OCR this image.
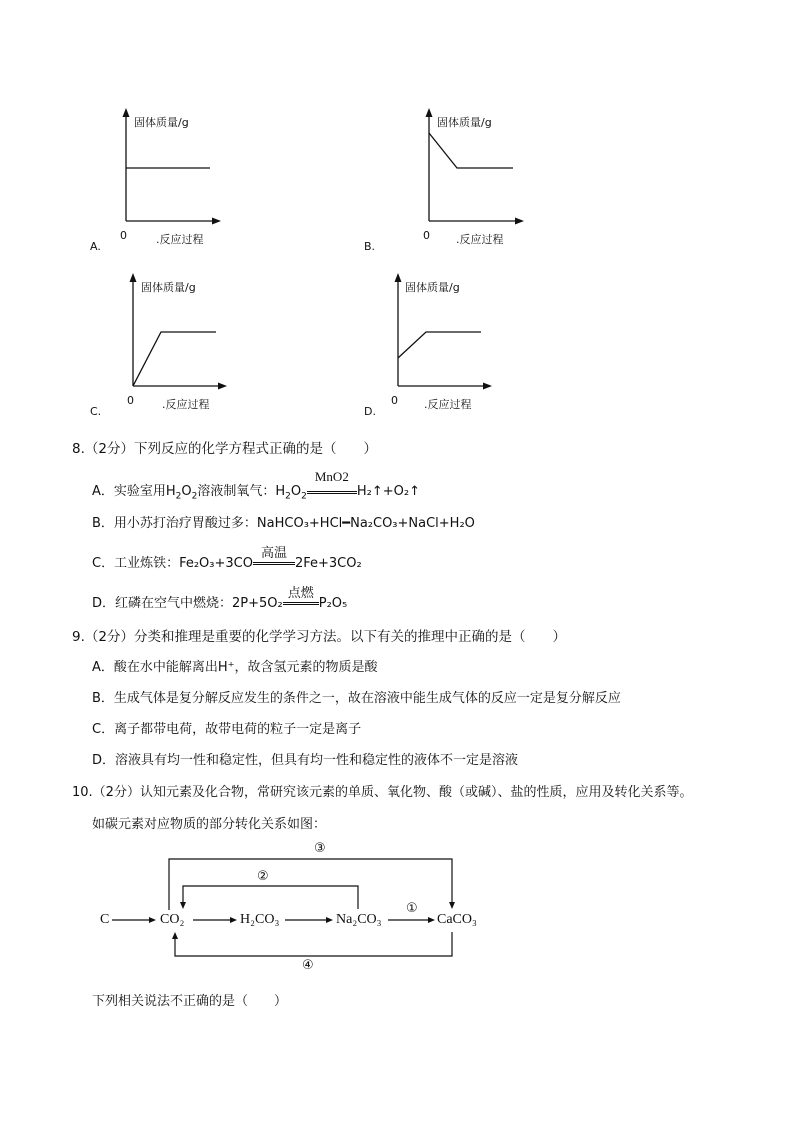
固体质量/g
0	.反应过程
A.
固体质量/g
0 .反应过程
B.
固体质量/g
0	.反应过程
C.
固体质量/g
0 .反应过程
D.
8.（2分）下列反应的化学方程式正确的是（　　）
A．实验室用$H_2O_2$溶液制氧气：$H_2O_2$
MnO2
H₂↑+O₂↑
B．用小苏打治疗胃酸过多：NaHCO₃+HCl━Na₂CO₃+NaCl+H₂O
C．工业炼铁：Fe₂O₃+3CO
高温
2Fe+3CO₂
D．红磷在空气中燃烧：2P+5O₂
点燃
P₂O₅
9.（2分）分类和推理是重要的化学学习方法。以下有关的推理中正确的是（　　）
A．酸在水中能解离出H⁺，故含氢元素的物质是酸
B．生成气体是复分解反应发生的条件之一，故在溶液中能生成气体的反应一定是复分解反应
C．离子都带电荷，故带电荷的粒子一定是离子
D．溶液具有均一性和稳定性，但具有均一性和稳定性的液体不一定是溶液
10.（2分）认知元素及化合物，常研究该元素的单质、氧化物、酸（或碱）、盐的性质，应用及转化关系等。
如碳元素对应物质的部分转化关系如图：
C	CO₂	H₂CO₃	Na₂CO₃	CaCO₃
①
②
③
④
下列相关说法不正确的是（　　）
